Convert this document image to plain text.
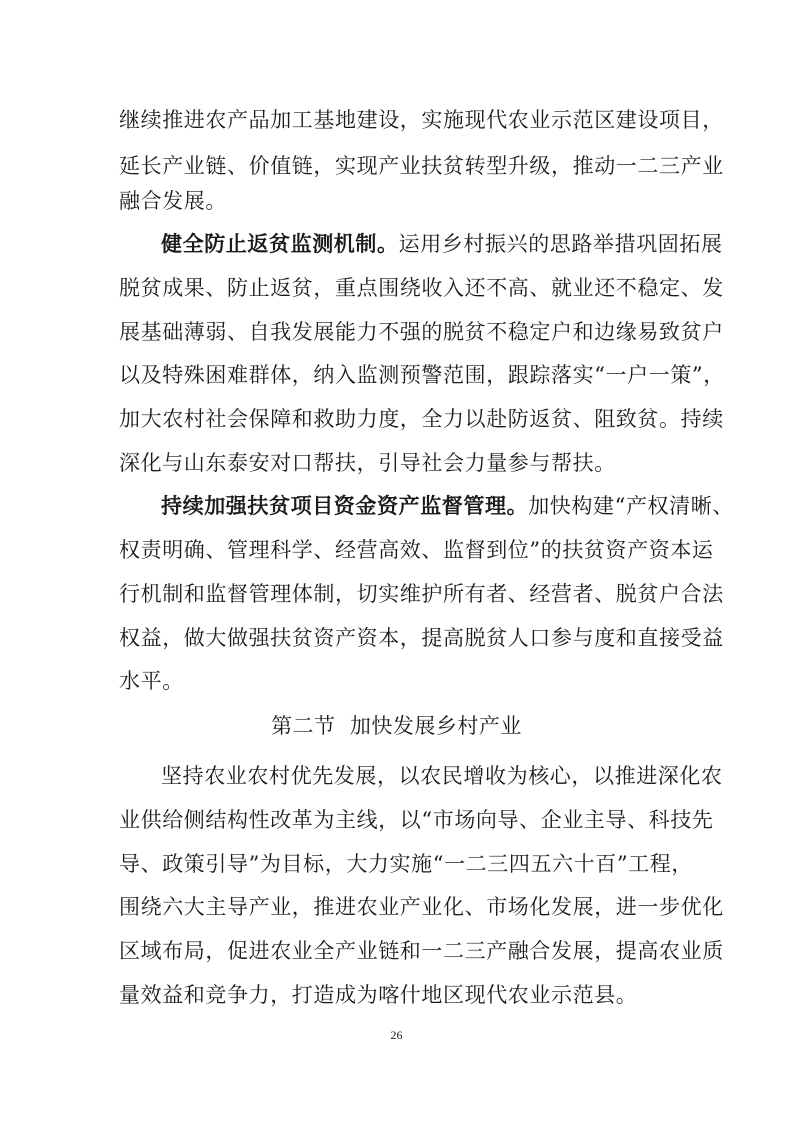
继续推进农产品加工基地建设，实施现代农业示范区建设项目，
延长产业链、价值链，实现产业扶贫转型升级，推动一二三产业
融合发展。
健全防止返贫监测机制。运用乡村振兴的思路举措巩固拓展
脱贫成果、防止返贫，重点围绕收入还不高、就业还不稳定、发
展基础薄弱、自我发展能力不强的脱贫不稳定户和边缘易致贫户
以及特殊困难群体，纳入监测预警范围，跟踪落实“一户一策”，
加大农村社会保障和救助力度，全力以赴防返贫、阻致贫。持续
深化与山东泰安对口帮扶，引导社会力量参与帮扶。
持续加强扶贫项目资金资产监督管理。加快构建“产权清晰、
权责明确、管理科学、经营高效、监督到位”的扶贫资产资本运
行机制和监督管理体制，切实维护所有者、经营者、脱贫户合法
权益，做大做强扶贫资产资本，提高脱贫人口参与度和直接受益
水平。
第二节  加快发展乡村产业
坚持农业农村优先发展，以农民增收为核心，以推进深化农
业供给侧结构性改革为主线，以“市场向导、企业主导、科技先
导、政策引导”为目标，大力实施“一二三四五六十百”工程，
围绕六大主导产业，推进农业产业化、市场化发展，进一步优化
区域布局，促进农业全产业链和一二三产融合发展，提高农业质
量效益和竞争力，打造成为喀什地区现代农业示范县。
26
